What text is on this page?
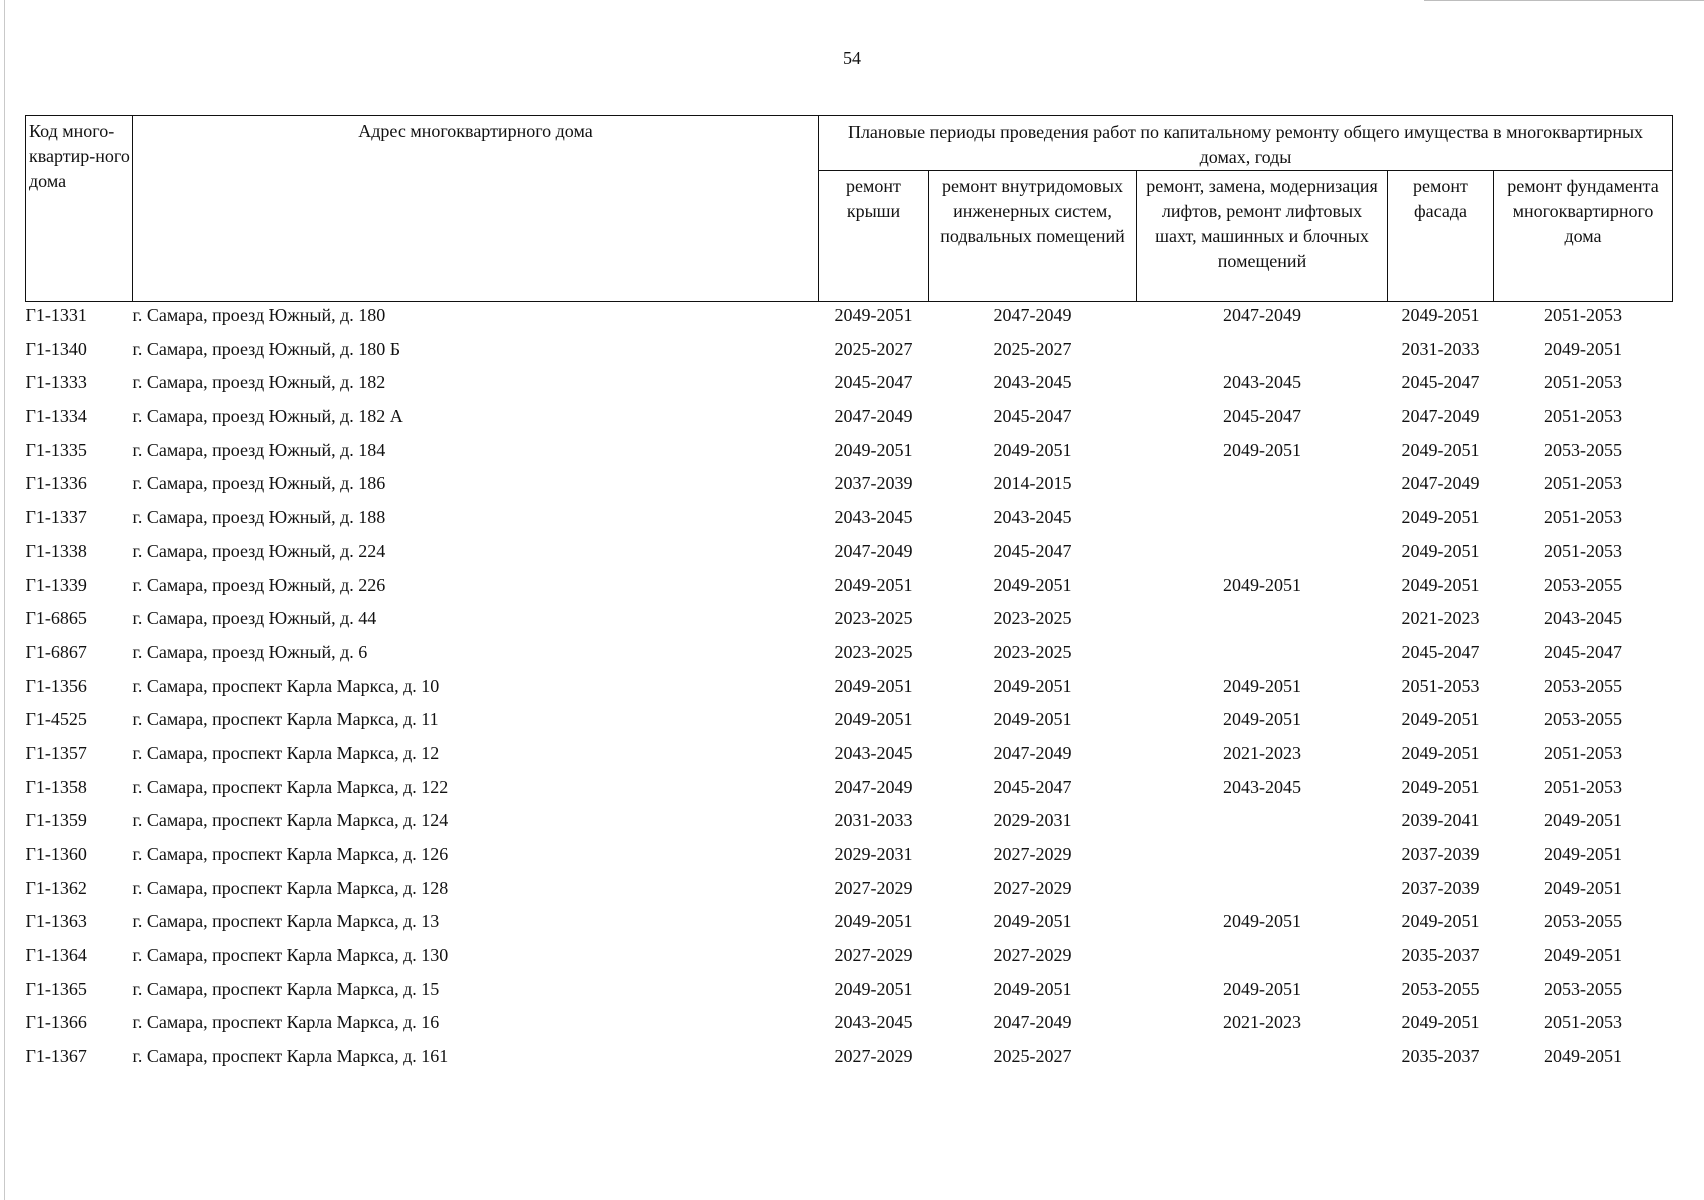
54
Код много-квартир-ного дома	Адрес многоквартирного дома	Плановые периоды проведения работ по капитальному ремонту общего имущества в многоквартирных домах, годы				
		ремонт крыши	ремонт внутридомовых инженерных систем, подвальных помещений	ремонт, замена, модернизация лифтов, ремонт лифтовых шахт, машинных и блочных помещений	ремонт фасада	ремонт фундамента многоквартирного дома
Г1-1331	г. Самара, проезд Южный, д. 180	2049-2051	2047-2049	2047-2049	2049-2051	2051-2053
Г1-1340	г. Самара, проезд Южный, д. 180 Б	2025-2027	2025-2027		2031-2033	2049-2051
Г1-1333	г. Самара, проезд Южный, д. 182	2045-2047	2043-2045	2043-2045	2045-2047	2051-2053
Г1-1334	г. Самара, проезд Южный, д. 182 А	2047-2049	2045-2047	2045-2047	2047-2049	2051-2053
Г1-1335	г. Самара, проезд Южный, д. 184	2049-2051	2049-2051	2049-2051	2049-2051	2053-2055
Г1-1336	г. Самара, проезд Южный, д. 186	2037-2039	2014-2015		2047-2049	2051-2053
Г1-1337	г. Самара, проезд Южный, д. 188	2043-2045	2043-2045		2049-2051	2051-2053
Г1-1338	г. Самара, проезд Южный, д. 224	2047-2049	2045-2047		2049-2051	2051-2053
Г1-1339	г. Самара, проезд Южный, д. 226	2049-2051	2049-2051	2049-2051	2049-2051	2053-2055
Г1-6865	г. Самара, проезд Южный, д. 44	2023-2025	2023-2025		2021-2023	2043-2045
Г1-6867	г. Самара, проезд Южный, д. 6	2023-2025	2023-2025		2045-2047	2045-2047
Г1-1356	г. Самара, проспект Карла Маркса, д. 10	2049-2051	2049-2051	2049-2051	2051-2053	2053-2055
Г1-4525	г. Самара, проспект Карла Маркса, д. 11	2049-2051	2049-2051	2049-2051	2049-2051	2053-2055
Г1-1357	г. Самара, проспект Карла Маркса, д. 12	2043-2045	2047-2049	2021-2023	2049-2051	2051-2053
Г1-1358	г. Самара, проспект Карла Маркса, д. 122	2047-2049	2045-2047	2043-2045	2049-2051	2051-2053
Г1-1359	г. Самара, проспект Карла Маркса, д. 124	2031-2033	2029-2031		2039-2041	2049-2051
Г1-1360	г. Самара, проспект Карла Маркса, д. 126	2029-2031	2027-2029		2037-2039	2049-2051
Г1-1362	г. Самара, проспект Карла Маркса, д. 128	2027-2029	2027-2029		2037-2039	2049-2051
Г1-1363	г. Самара, проспект Карла Маркса, д. 13	2049-2051	2049-2051	2049-2051	2049-2051	2053-2055
Г1-1364	г. Самара, проспект Карла Маркса, д. 130	2027-2029	2027-2029		2035-2037	2049-2051
Г1-1365	г. Самара, проспект Карла Маркса, д. 15	2049-2051	2049-2051	2049-2051	2053-2055	2053-2055
Г1-1366	г. Самара, проспект Карла Маркса, д. 16	2043-2045	2047-2049	2021-2023	2049-2051	2051-2053
Г1-1367	г. Самара, проспект Карла Маркса, д. 161	2027-2029	2025-2027		2035-2037	2049-2051
